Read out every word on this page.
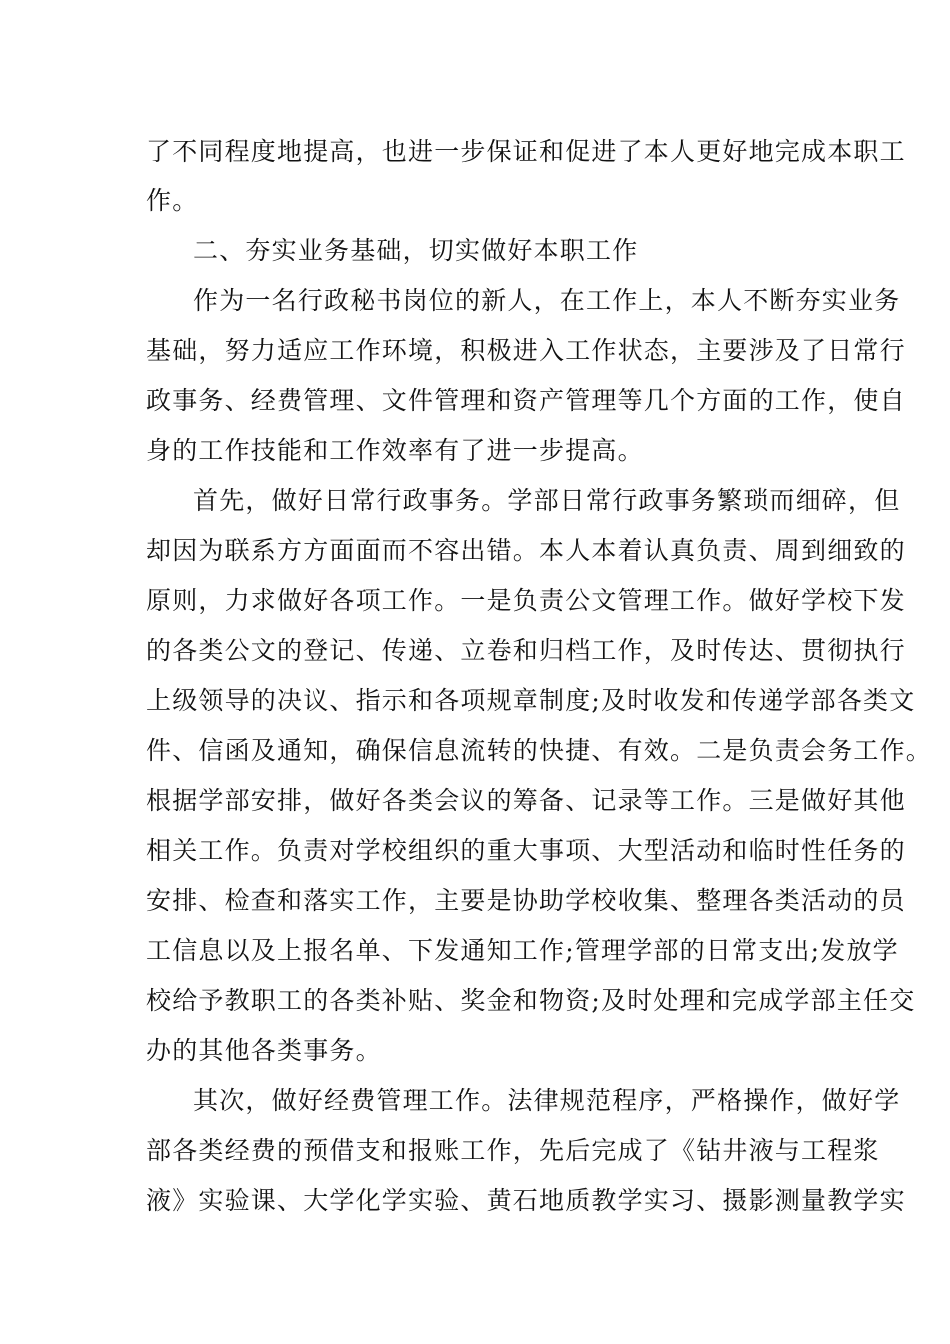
了不同程度地提高，也进一步保证和促进了本人更好地完成本职工
作。
二、夯实业务基础，切实做好本职工作
作为一名行政秘书岗位的新人，在工作上，本人不断夯实业务
基础，努力适应工作环境，积极进入工作状态，主要涉及了日常行
政事务、经费管理、文件管理和资产管理等几个方面的工作，使自
身的工作技能和工作效率有了进一步提高。
首先，做好日常行政事务。学部日常行政事务繁琐而细碎，但
却因为联系方方面面而不容出错。本人本着认真负责、周到细致的
原则，力求做好各项工作。一是负责公文管理工作。做好学校下发
的各类公文的登记、传递、立卷和归档工作，及时传达、贯彻执行
上级领导的决议、指示和各项规章制度;及时收发和传递学部各类文
件、信函及通知，确保信息流转的快捷、有效。二是负责会务工作。
根据学部安排，做好各类会议的筹备、记录等工作。三是做好其他
相关工作。负责对学校组织的重大事项、大型活动和临时性任务的
安排、检查和落实工作，主要是协助学校收集、整理各类活动的员
工信息以及上报名单、下发通知工作;管理学部的日常支出;发放学
校给予教职工的各类补贴、奖金和物资;及时处理和完成学部主任交
办的其他各类事务。
其次，做好经费管理工作。法律规范程序，严格操作，做好学
部各类经费的预借支和报账工作，先后完成了《钻井液与工程浆
液》实验课、大学化学实验、黄石地质教学实习、摄影测量教学实
